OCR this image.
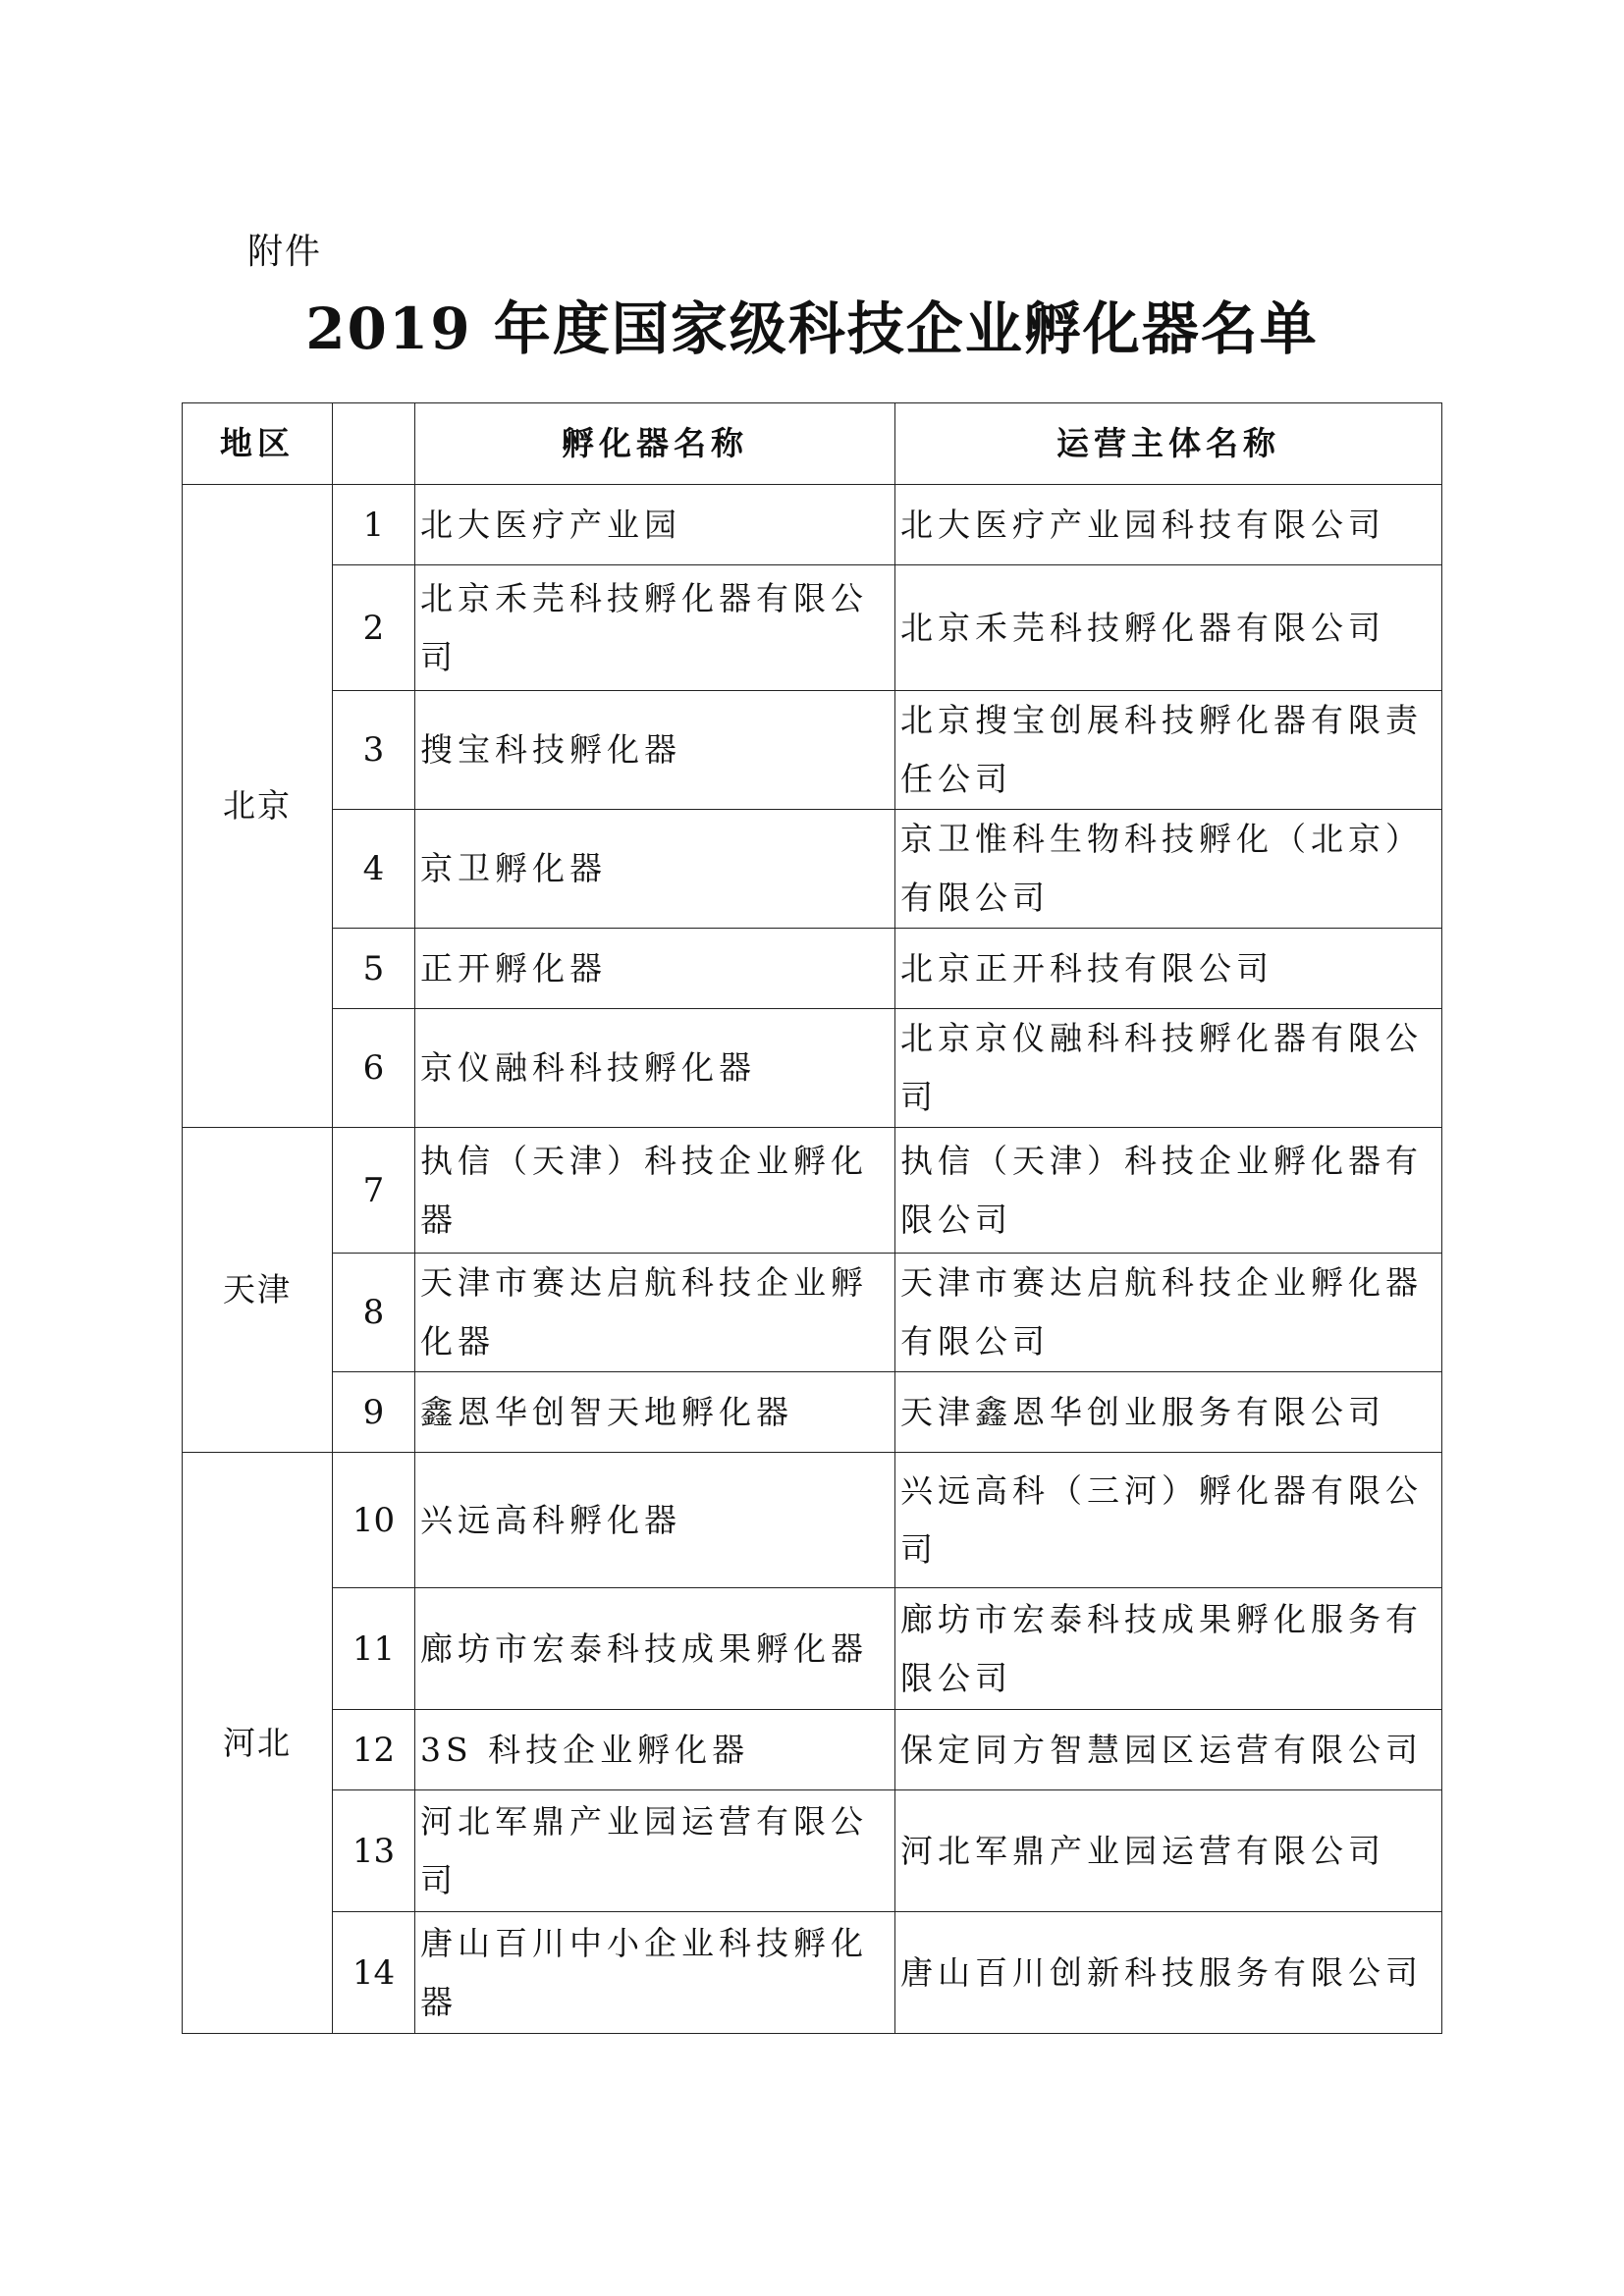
附件
2019 年度国家级科技企业孵化器名单
地区		孵化器名称	运营主体名称
北京	1	北大医疗产业园	北大医疗产业园科技有限公司
	2	北京禾芫科技孵化器有限公司	北京禾芫科技孵化器有限公司
	3	搜宝科技孵化器	北京搜宝创展科技孵化器有限责任公司
	4	京卫孵化器	京卫惟科生物科技孵化（北京）有限公司
	5	正开孵化器	北京正开科技有限公司
	6	京仪融科科技孵化器	北京京仪融科科技孵化器有限公司
天津	7	执信（天津）科技企业孵化器	执信（天津）科技企业孵化器有限公司
	8	天津市赛达启航科技企业孵化器	天津市赛达启航科技企业孵化器有限公司
	9	鑫恩华创智天地孵化器	天津鑫恩华创业服务有限公司
河北	10	兴远高科孵化器	兴远高科（三河）孵化器有限公司
	11	廊坊市宏泰科技成果孵化器	廊坊市宏泰科技成果孵化服务有限公司
	12	3S 科技企业孵化器	保定同方智慧园区运营有限公司
	13	河北军鼎产业园运营有限公司	河北军鼎产业园运营有限公司
	14	唐山百川中小企业科技孵化器	唐山百川创新科技服务有限公司
